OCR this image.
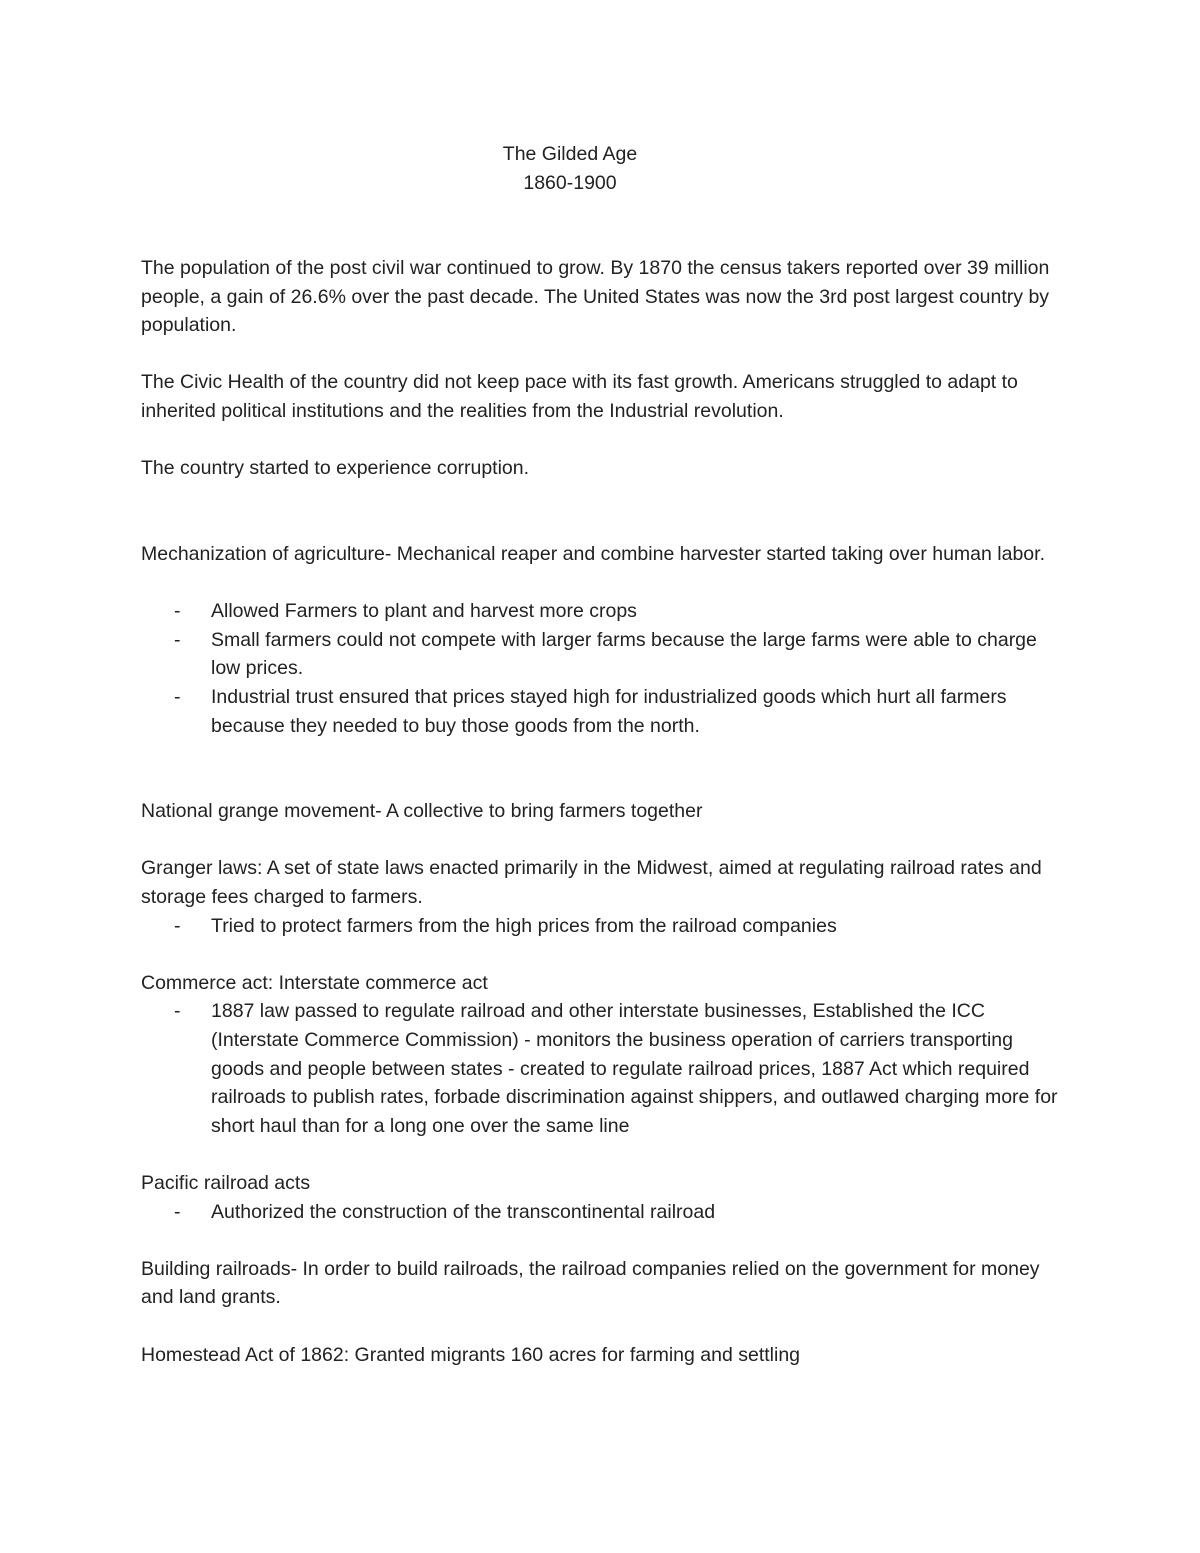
The Gilded Age
1860-1900

The population of the post civil war continued to grow. By 1870 the census takers reported over 39 million people, a gain of 26.6% over the past decade. The United States was now the 3rd post largest country by population.

The Civic Health of the country did not keep pace with its fast growth. Americans struggled to adapt to inherited political institutions and the realities from the Industrial revolution.

The country started to experience corruption.

Mechanization of agriculture- Mechanical reaper and combine harvester started taking over human labor.

- Allowed Farmers to plant and harvest more crops
- Small farmers could not compete with larger farms because the large farms were able to charge low prices.
- Industrial trust ensured that prices stayed high for industrialized goods which hurt all farmers because they needed to buy those goods from the north.

National grange movement- A collective to bring farmers together

Granger laws: A set of state laws enacted primarily in the Midwest, aimed at regulating railroad rates and storage fees charged to farmers.

- Tried to protect farmers from the high prices from the railroad companies

Commerce act: Interstate commerce act

- 1887 law passed to regulate railroad and other interstate businesses, Established the ICC (Interstate Commerce Commission) - monitors the business operation of carriers transporting goods and people between states - created to regulate railroad prices, 1887 Act which required railroads to publish rates, forbade discrimination against shippers, and outlawed charging more for short haul than for a long one over the same line

Pacific railroad acts

- Authorized the construction of the transcontinental railroad

Building railroads- In order to build railroads, the railroad companies relied on the government for money and land grants.

Homestead Act of 1862: Granted migrants 160 acres for farming and settling
